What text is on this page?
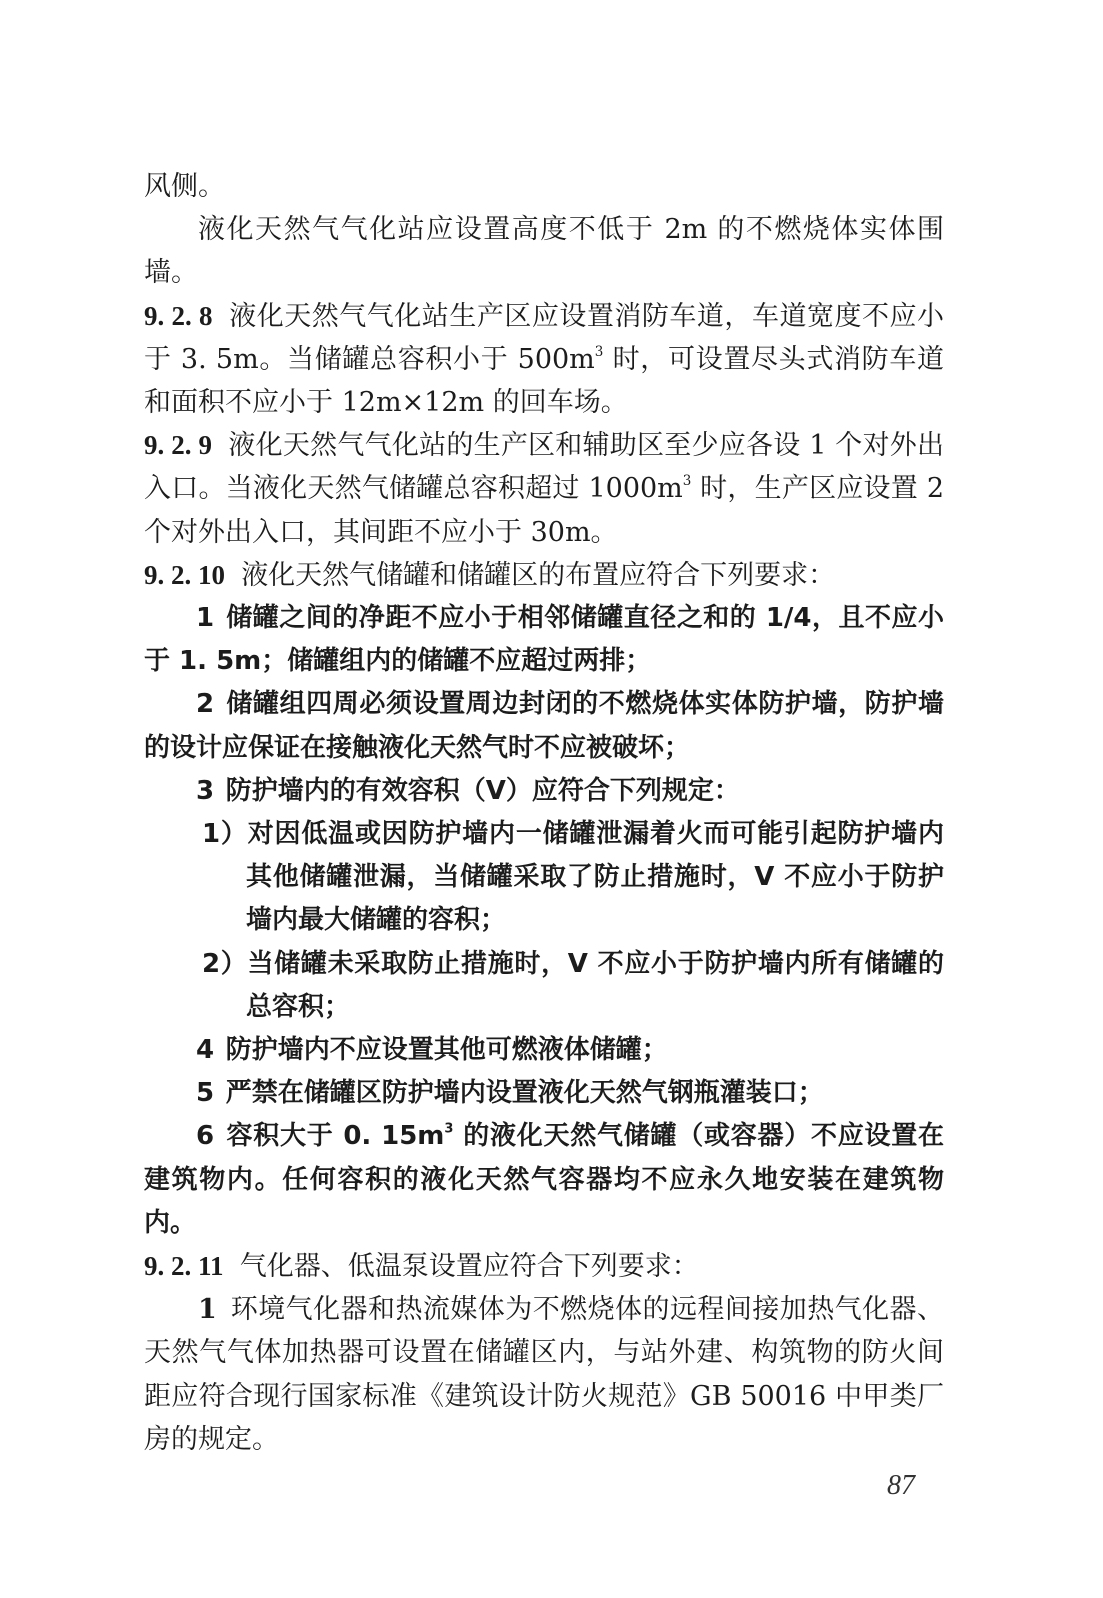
风侧。

液化天然气气化站应设置高度不低于 2m 的不燃烧体实体围墙。

9. 2. 8 液化天然气气化站生产区应设置消防车道，车道宽度不应小于 3. 5m。当储罐总容积小于 $500m^3$ 时，可设置尽头式消防车道和面积不应小于 12m×12m 的回车场。

9. 2. 9 液化天然气气化站的生产区和辅助区至少应各设 1 个对外出入口。当液化天然气储罐总容积超过 $1000m^3$ 时，生产区应设置 2 个对外出入口，其间距不应小于 30m。

9. 2. 10 液化天然气储罐和储罐区的布置应符合下列要求：

1 储罐之间的净距不应小于相邻储罐直径之和的 1/4，且不应小于 1. 5m；储罐组内的储罐不应超过两排；

2 储罐组四周必须设置周边封闭的不燃烧体实体防护墙，防护墙的设计应保证在接触液化天然气时不应被破坏；

3 防护墙内的有效容积（V）应符合下列规定：

1）对因低温或因防护墙内一储罐泄漏着火而可能引起防护墙内其他储罐泄漏，当储罐采取了防止措施时，V 不应小于防护墙内最大储罐的容积；

2）当储罐未采取防止措施时，V 不应小于防护墙内所有储罐的总容积；

4 防护墙内不应设置其他可燃液体储罐；

5 严禁在储罐区防护墙内设置液化天然气钢瓶灌装口；

6 容积大于 0. $15m^3$ 的液化天然气储罐（或容器）不应设置在建筑物内。任何容积的液化天然气容器均不应永久地安装在建筑物内。

9. 2. 11 气化器、低温泵设置应符合下列要求：

1 环境气化器和热流媒体为不燃烧体的远程间接加热气化器、天然气气体加热器可设置在储罐区内，与站外建、构筑物的防火间距应符合现行国家标准《建筑设计防火规范》GB 50016 中甲类厂房的规定。

87
